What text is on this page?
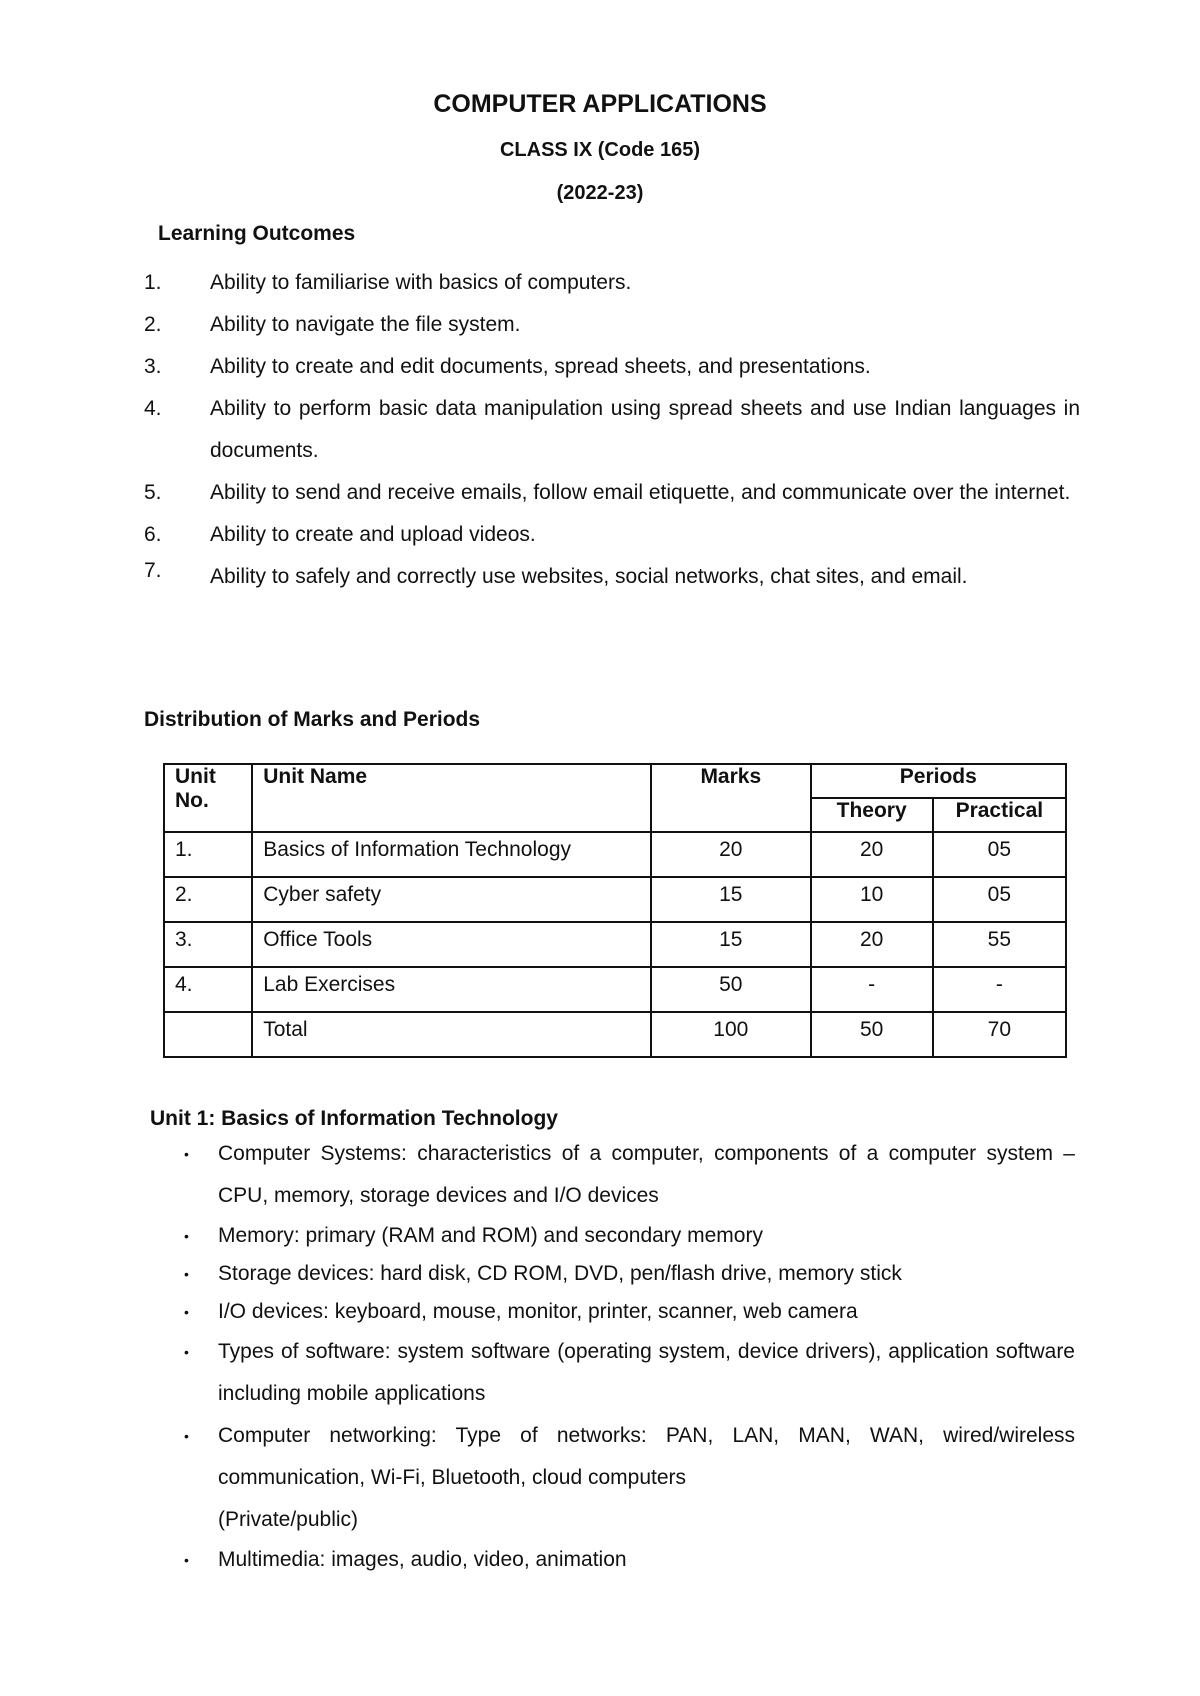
COMPUTER APPLICATIONS
CLASS IX (Code 165)
(2022-23)
Learning Outcomes
1. Ability to familiarise with basics of computers.
2. Ability to navigate the file system.
3. Ability to create and edit documents, spread sheets, and presentations.
4. Ability to perform basic data manipulation using spread sheets and use Indian languages in documents.
5. Ability to send and receive emails, follow email etiquette, and communicate over the internet.
6. Ability to create and upload videos.
7. Ability to safely and correctly use websites, social networks, chat sites, and email.
Distribution of Marks and Periods
Unit No.	Unit Name	Marks	Periods	
			Theory	Practical
1.	Basics of Information Technology	20	20	05
2.	Cyber safety	15	10	05
3.	Office Tools	15	20	55
4.	Lab Exercises	50	-	-
	Total	100	50	70
Unit 1: Basics of Information Technology
• Computer Systems: characteristics of a computer, components of a computer system – CPU, memory, storage devices and I/O devices
• Memory: primary (RAM and ROM) and secondary memory
• Storage devices: hard disk, CD ROM, DVD, pen/flash drive, memory stick
• I/O devices: keyboard, mouse, monitor, printer, scanner, web camera
• Types of software: system software (operating system, device drivers), application software including mobile applications
• Computer networking: Type of networks: PAN, LAN, MAN, WAN, wired/wireless communication, Wi-Fi, Bluetooth, cloud computers
(Private/public)
• Multimedia: images, audio, video, animation
